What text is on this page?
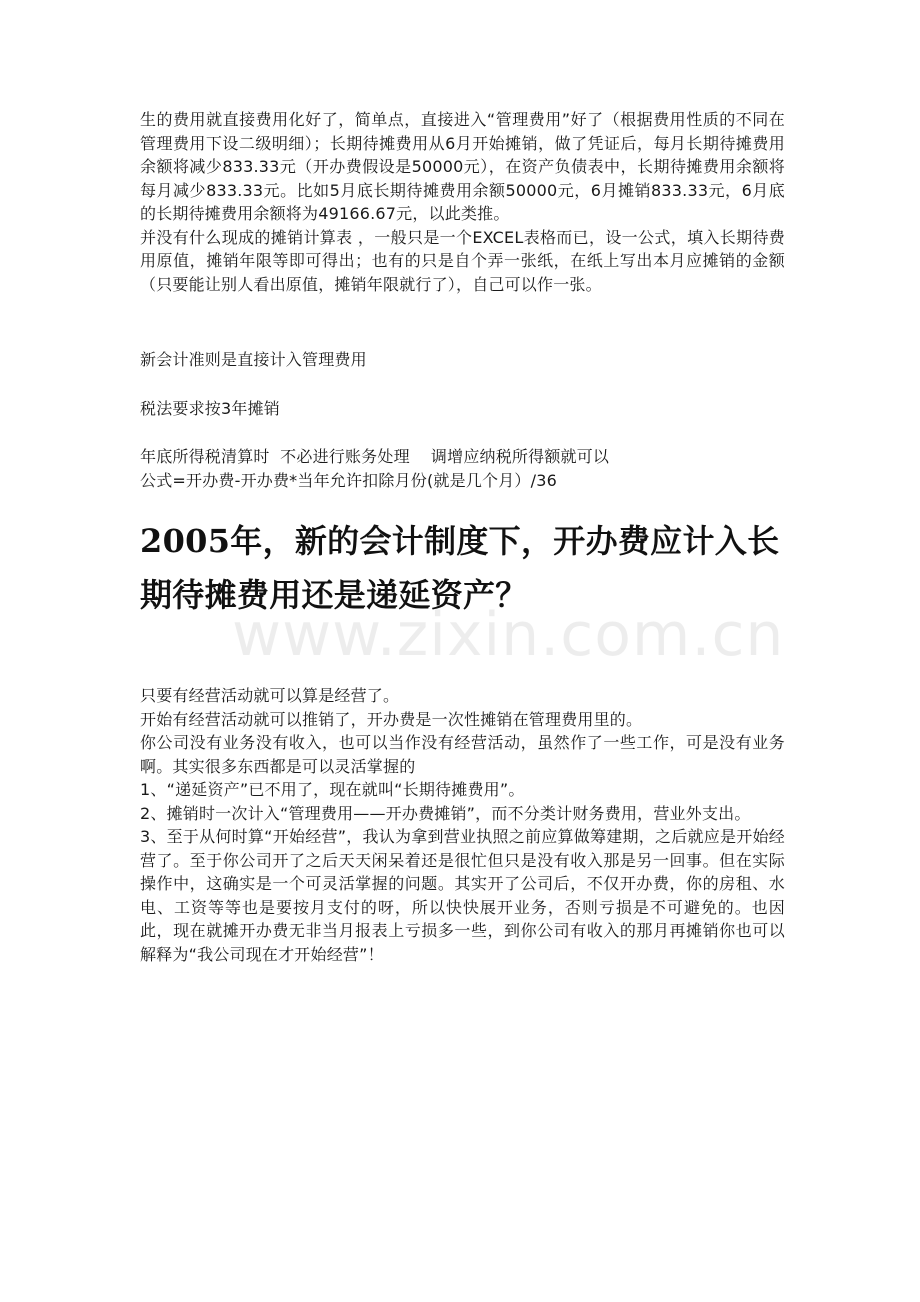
www.zixin.com.cn

生的费用就直接费用化好了，简单点，直接进入“管理费用”好了（根据费用性质的不同在管理费用下设二级明细）；长期待摊费用从6月开始摊销，做了凭证后，每月长期待摊费用余额将减少833.33元（开办费假设是50000元），在资产负债表中，长期待摊费用余额将每月减少833.33元。比如5月底长期待摊费用余额50000元，6月摊销833.33元，6月底的长期待摊费用余额将为49166.67元，以此类推。

并没有什么现成的摊销计算表 ，一般只是一个EXCEL表格而已，设一公式，填入长期待费用原值，摊销年限等即可得出；也有的只是自个弄一张纸，在纸上写出本月应摊销的金额（只要能让别人看出原值，摊销年限就行了），自己可以作一张。

新会计准则是直接计入管理费用

税法要求按3年摊销

年底所得税清算时  不必进行账务处理    调增应纳税所得额就可以

公式=开办费-开办费*当年允许扣除月份(就是几个月）/36

2005年，新的会计制度下，开办费应计入长期待摊费用还是递延资产？

只要有经营活动就可以算是经营了。

开始有经营活动就可以推销了，开办费是一次性摊销在管理费用里的。

你公司没有业务没有收入，也可以当作没有经营活动，虽然作了一些工作，可是没有业务啊。其实很多东西都是可以灵活掌握的

1、“递延资产”已不用了，现在就叫“长期待摊费用”。

2、摊销时一次计入“管理费用——开办费摊销”，而不分类计财务费用，营业外支出。

3、至于从何时算“开始经营”，我认为拿到营业执照之前应算做筹建期，之后就应是开始经营了。至于你公司开了之后天天闲呆着还是很忙但只是没有收入那是另一回事。但在实际操作中，这确实是一个可灵活掌握的问题。其实开了公司后，不仅开办费，你的房租、水电、工资等等也是要按月支付的呀，所以快快展开业务，否则亏损是不可避免的。也因此，现在就摊开办费无非当月报表上亏损多一些，到你公司有收入的那月再摊销你也可以解释为“我公司现在才开始经营”！
